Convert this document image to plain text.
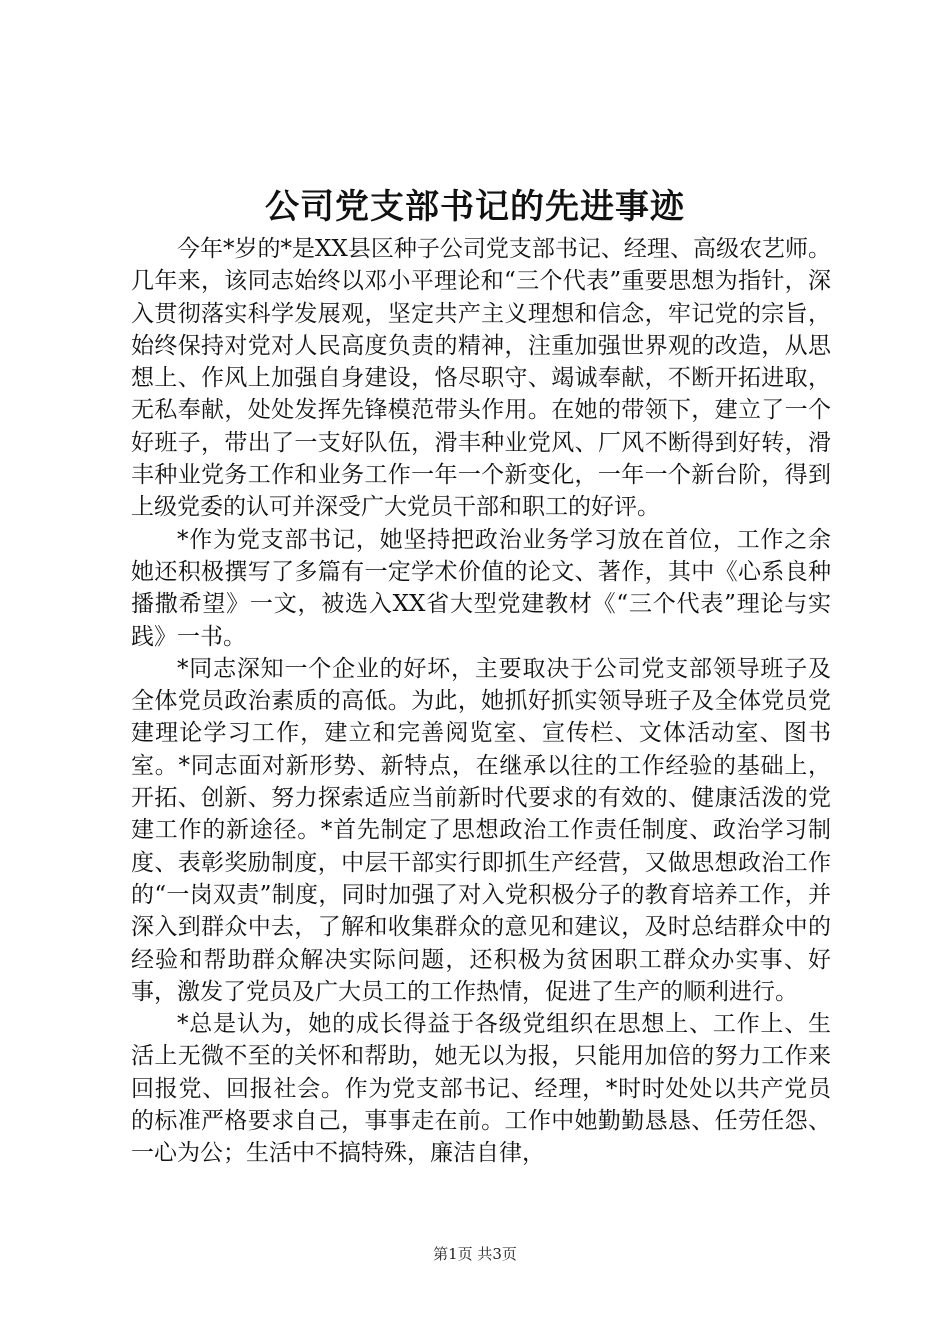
公司党支部书记的先进事迹

今年*岁的*是XX县区种子公司党支部书记、经理、高级农艺师。几年来，该同志始终以邓小平理论和“三个代表”重要思想为指针，深入贯彻落实科学发展观，坚定共产主义理想和信念，牢记党的宗旨，始终保持对党对人民高度负责的精神，注重加强世界观的改造，从思想上、作风上加强自身建设，恪尽职守、竭诚奉献，不断开拓进取，无私奉献，处处发挥先锋模范带头作用。在她的带领下，建立了一个好班子，带出了一支好队伍，滑丰种业党风、厂风不断得到好转，滑丰种业党务工作和业务工作一年一个新变化，一年一个新台阶，得到上级党委的认可并深受广大党员干部和职工的好评。

*作为党支部书记，她坚持把政治业务学习放在首位，工作之余她还积极撰写了多篇有一定学术价值的论文、著作，其中《心系良种播撒希望》一文，被选入XX省大型党建教材《“三个代表”理论与实践》一书。

*同志深知一个企业的好坏，主要取决于公司党支部领导班子及全体党员政治素质的高低。为此，她抓好抓实领导班子及全体党员党建理论学习工作，建立和完善阅览室、宣传栏、文体活动室、图书室。*同志面对新形势、新特点，在继承以往的工作经验的基础上，开拓、创新、努力探索适应当前新时代要求的有效的、健康活泼的党建工作的新途径。*首先制定了思想政治工作责任制度、政治学习制度、表彰奖励制度，中层干部实行即抓生产经营，又做思想政治工作的“一岗双责”制度，同时加强了对入党积极分子的教育培养工作，并深入到群众中去，了解和收集群众的意见和建议，及时总结群众中的经验和帮助群众解决实际问题，还积极为贫困职工群众办实事、好事，激发了党员及广大员工的工作热情，促进了生产的顺利进行。

*总是认为，她的成长得益于各级党组织在思想上、工作上、生活上无微不至的关怀和帮助，她无以为报，只能用加倍的努力工作来回报党、回报社会。作为党支部书记、经理，*时时处处以共产党员的标准严格要求自己，事事走在前。工作中她勤勤恳恳、任劳任怨、一心为公；生活中不搞特殊，廉洁自律，

第1页 共3页
